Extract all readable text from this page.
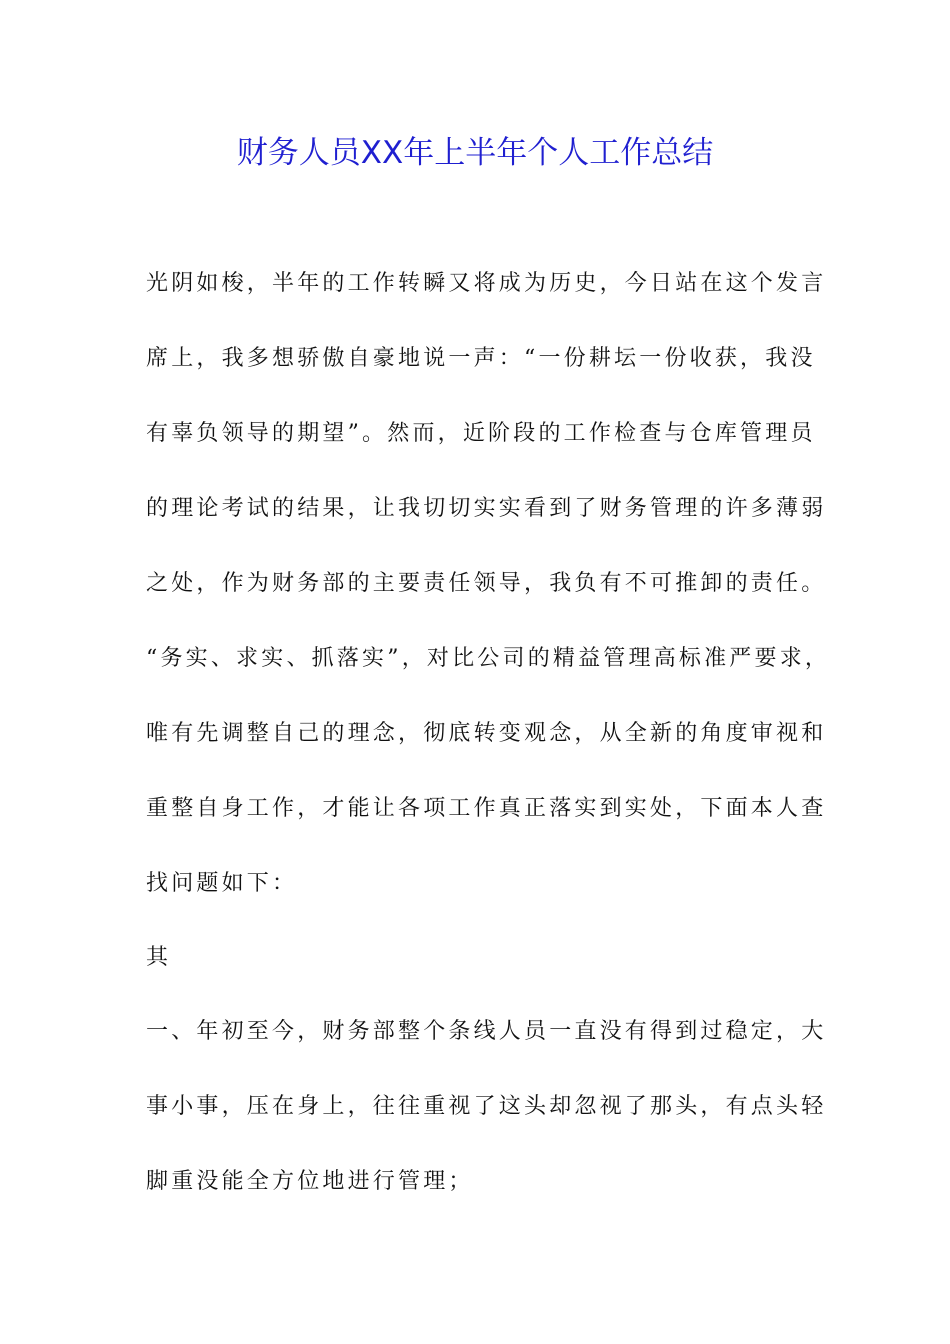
财务人员XX年上半年个人工作总结

光阴如梭，半年的工作转瞬又将成为历史，今日站在这个发言

席上，我多想骄傲自豪地说一声：“一份耕坛一份收获，我没

有辜负领导的期望”。然而，近阶段的工作检查与仓库管理员

的理论考试的结果，让我切切实实看到了财务管理的许多薄弱

之处，作为财务部的主要责任领导，我负有不可推卸的责任。

“务实、求实、抓落实”，对比公司的精益管理高标准严要求，

唯有先调整自己的理念，彻底转变观念，从全新的角度审视和

重整自身工作，才能让各项工作真正落实到实处，下面本人查

找问题如下：

其

一、年初至今，财务部整个条线人员一直没有得到过稳定，大

事小事，压在身上，往往重视了这头却忽视了那头，有点头轻

脚重没能全方位地进行管理；
